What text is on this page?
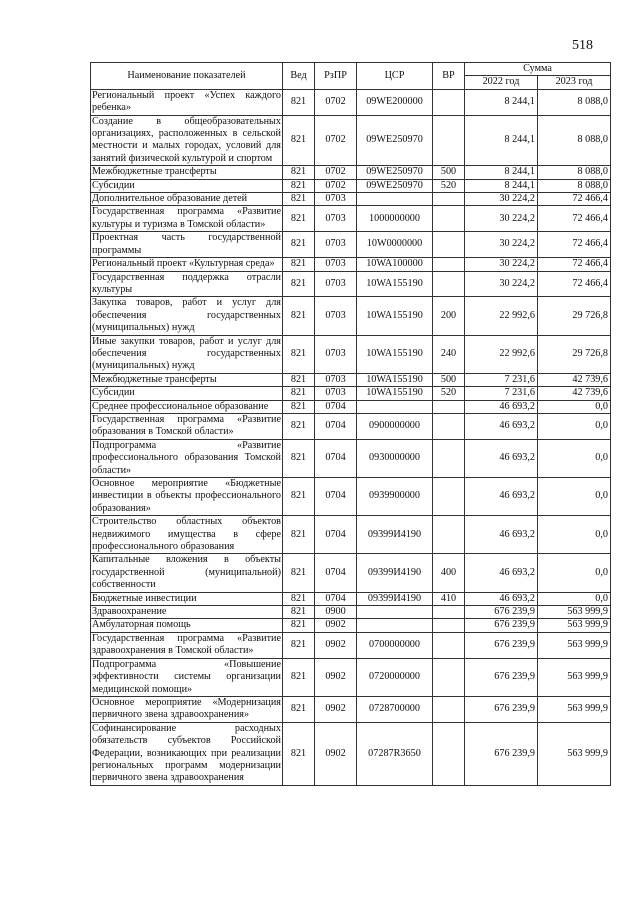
518
Наименование показателей	Вед	РзПР	ЦСР	ВР	Сумма	
					2022 год	2023 год
Региональный проект «Успех каждого ребенка»	821	0702	09WE200000		8 244,1	8 088,0
Создание в общеобразовательных организациях, расположенных в сельской местности и малых городах, условий для занятий физической культурой и спортом	821	0702	09WE250970		8 244,1	8 088,0
Межбюджетные трансферты	821	0702	09WE250970	500	8 244,1	8 088,0
Субсидии	821	0702	09WE250970	520	8 244,1	8 088,0
Дополнительное образование детей	821	0703			30 224,2	72 466,4
Государственная программа «Развитие культуры и туризма в Томской области»	821	0703	1000000000		30 224,2	72 466,4
Проектная часть государственной программы	821	0703	10W0000000		30 224,2	72 466,4
Региональный проект «Культурная среда»	821	0703	10WA100000		30 224,2	72 466,4
Государственная поддержка отрасли культуры	821	0703	10WA155190		30 224,2	72 466,4
Закупка товаров, работ и услуг для обеспечения государственных (муниципальных) нужд	821	0703	10WA155190	200	22 992,6	29 726,8
Иные закупки товаров, работ и услуг для обеспечения государственных (муниципальных) нужд	821	0703	10WA155190	240	22 992,6	29 726,8
Межбюджетные трансферты	821	0703	10WA155190	500	7 231,6	42 739,6
Субсидии	821	0703	10WA155190	520	7 231,6	42 739,6
Среднее профессиональное образование	821	0704			46 693,2	0,0
Государственная программа «Развитие образования в Томской области»	821	0704	0900000000		46 693,2	0,0
Подпрограмма «Развитие профессионального образования Томской области»	821	0704	0930000000		46 693,2	0,0
Основное мероприятие «Бюджетные инвестиции в объекты профессионального образования»	821	0704	0939900000		46 693,2	0,0
Строительство областных объектов недвижимого имущества в сфере профессионального образования	821	0704	09399И4190		46 693,2	0,0
Капитальные вложения в объекты государственной (муниципальной) собственности	821	0704	09399И4190	400	46 693,2	0,0
Бюджетные инвестиции	821	0704	09399И4190	410	46 693,2	0,0
Здравоохранение	821	0900			676 239,9	563 999,9
Амбулаторная помощь	821	0902			676 239,9	563 999,9
Государственная программа «Развитие здравоохранения в Томской области»	821	0902	0700000000		676 239,9	563 999,9
Подпрограмма «Повышение эффективности системы организации медицинской помощи»	821	0902	0720000000		676 239,9	563 999,9
Основное мероприятие «Модернизация первичного звена здравоохранения»	821	0902	0728700000		676 239,9	563 999,9
Софинансирование расходных обязательств субъектов Российской Федерации, возникающих при реализации региональных программ модернизации первичного звена здравоохранения	821	0902	07287R3650		676 239,9	563 999,9
